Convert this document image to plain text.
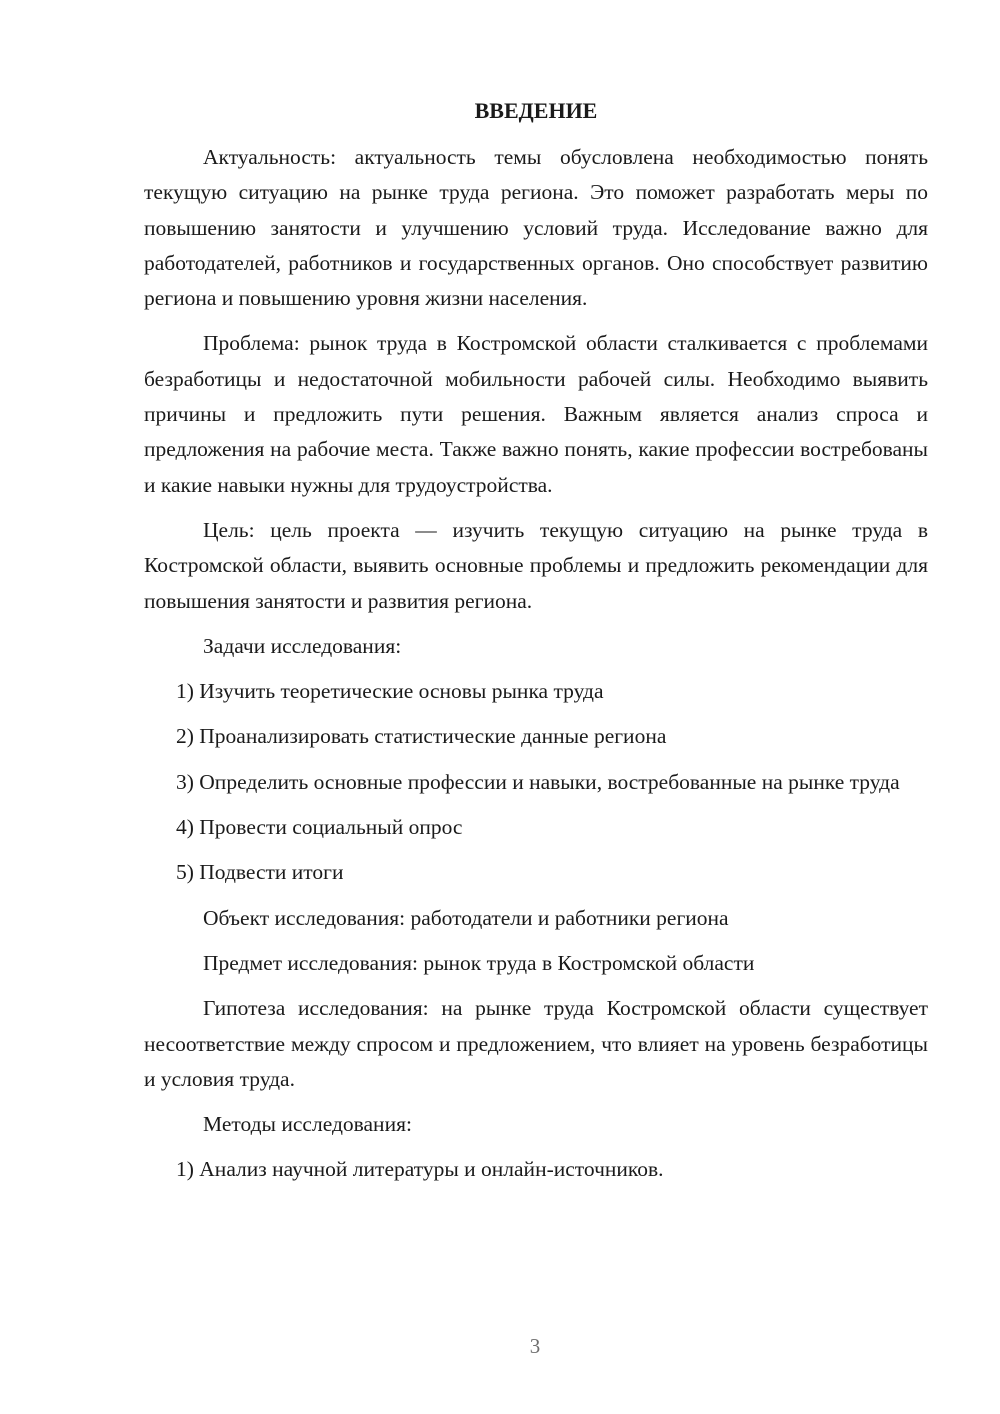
ВВЕДЕНИЕ

Актуальность: актуальность темы обусловлена необходимостью понять текущую ситуацию на рынке труда региона. Это поможет разработать меры по повышению занятости и улучшению условий труда. Исследование важно для работодателей, работников и государственных органов. Оно способствует развитию региона и повышению уровня жизни населения.

Проблема: рынок труда в Костромской области сталкивается с проблемами безработицы и недостаточной мобильности рабочей силы. Необходимо выявить причины и предложить пути решения. Важным является анализ спроса и предложения на рабочие места. Также важно понять, какие профессии востребованы и какие навыки нужны для трудоустройства.

Цель: цель проекта — изучить текущую ситуацию на рынке труда в Костромской области, выявить основные проблемы и предложить рекомендации для повышения занятости и развития региона.

Задачи исследования:

1) Изучить теоретические основы рынка труда

2) Проанализировать статистические данные региона

3) Определить основные профессии и навыки, востребованные на рынке труда

4) Провести социальный опрос

5) Подвести итоги

Объект исследования: работодатели и работники региона

Предмет исследования: рынок труда в Костромской области

Гипотеза исследования: на рынке труда Костромской области существует несоответствие между спросом и предложением, что влияет на уровень безработицы и условия труда.

Методы исследования:

1) Анализ научной литературы и онлайн-источников.

3
